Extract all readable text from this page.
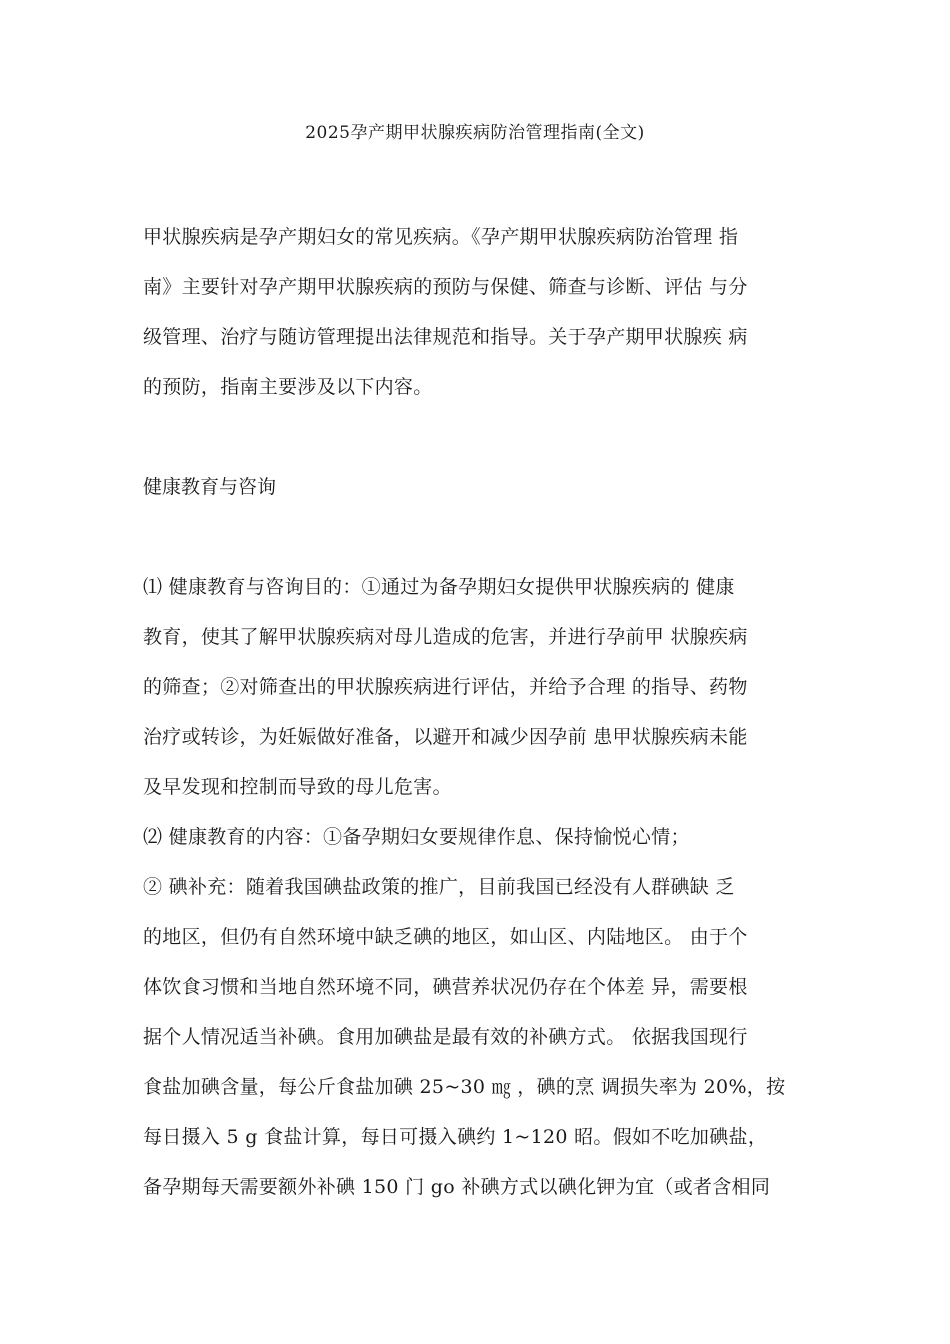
2025孕产期甲状腺疾病防治管理指南(全文)
甲状腺疾病是孕产期妇女的常见疾病。《孕产期甲状腺疾病防治管理 指
南》主要针对孕产期甲状腺疾病的预防与保健、筛查与诊断、评估 与分
级管理、治疗与随访管理提出法律规范和指导。关于孕产期甲状腺疾 病
的预防，指南主要涉及以下内容。
健康教育与咨询
⑴ 健康教育与咨询目的：①通过为备孕期妇女提供甲状腺疾病的 健康
教育，使其了解甲状腺疾病对母儿造成的危害，并进行孕前甲 状腺疾病
的筛查；②对筛查出的甲状腺疾病进行评估，并给予合理 的指导、药物
治疗或转诊，为妊娠做好准备，以避开和减少因孕前 患甲状腺疾病未能
及早发现和控制而导致的母儿危害。
⑵ 健康教育的内容：①备孕期妇女要规律作息、保持愉悦心情；
② 碘补充：随着我国碘盐政策的推广，目前我国已经没有人群碘缺 乏
的地区，但仍有自然环境中缺乏碘的地区，如山区、内陆地区。 由于个
体饮食习惯和当地自然环境不同，碘营养状况仍存在个体差 异，需要根
据个人情况适当补碘。食用加碘盐是最有效的补碘方式。 依据我国现行
食盐加碘含量，每公斤食盐加碘 25~30 ㎎ ，碘的烹 调损失率为 20%，按
每日摄入 5 g 食盐计算，每日可摄入碘约 1~120 昭。假如不吃加碘盐，
备孕期每天需要额外补碘 150 门 go 补碘方式以碘化钾为宜（或者含相同
